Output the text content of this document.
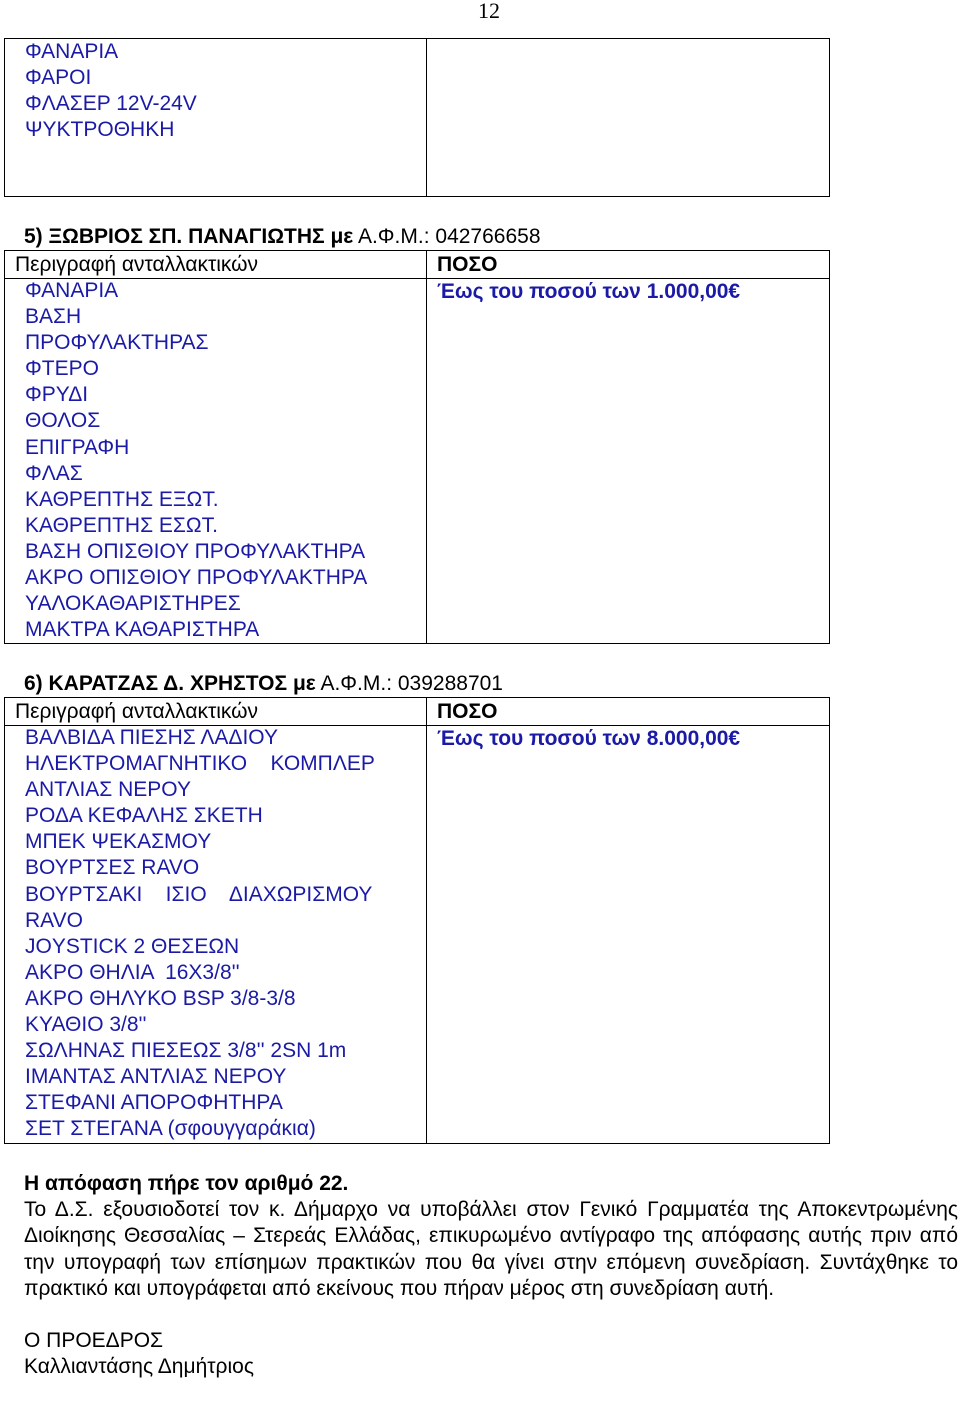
12
ΦΑΝΑΡΙΑ
ΦΑΡΟΙ
ΦΛΑΣΕΡ 12V-24V
ΨΥΚΤΡΟΘΗΚΗ
5) ΞΩΒΡΙΟΣ ΣΠ. ΠΑΝΑΓΙΩΤΗΣ με Α.Φ.Μ.: 042766658
Περιγραφή ανταλλακτικών	ΠΟΣΟ
ΦΑΝΑΡΙΑ
ΒΑΣΗ
ΠΡΟΦΥΛΑΚΤΗΡΑΣ
ΦΤΕΡΟ
ΦΡΥΔΙ
ΘΟΛΟΣ
ΕΠΙΓΡΑΦΗ
ΦΛΑΣ
ΚΑΘΡΕΠΤΗΣ ΕΞΩΤ.
ΚΑΘΡΕΠΤΗΣ ΕΣΩΤ.
ΒΑΣΗ ΟΠΙΣΘΙΟΥ ΠΡΟΦΥΛΑΚΤΗΡΑ
ΑΚΡΟ ΟΠΙΣΘΙΟΥ ΠΡΟΦΥΛΑΚΤΗΡΑ
ΥΑΛΟΚΑΘΑΡΙΣΤΗΡΕΣ
ΜΑΚΤΡΑ ΚΑΘΑΡΙΣΤΗΡΑ
Έως του ποσού των 1.000,00€
6) ΚΑΡΑΤΖΑΣ Δ. ΧΡΗΣΤΟΣ με Α.Φ.Μ.: 039288701
Περιγραφή ανταλλακτικών	ΠΟΣΟ
ΒΑΛΒΙΔΑ ΠΙΕΣΗΣ ΛΑΔΙΟΥ
ΗΛΕΚΤΡΟΜΑΓΝΗΤΙΚΟ    ΚΟΜΠΛΕΡ
ΑΝΤΛΙΑΣ ΝΕΡΟΥ
ΡΟΔΑ ΚΕΦΑΛΗΣ ΣΚΕΤΗ
ΜΠΕΚ ΨΕΚΑΣΜΟΥ
ΒΟΥΡΤΣΕΣ RAVO
ΒΟΥΡΤΣΑΚΙ    ΙΣΙΟ    ΔΙΑΧΩΡΙΣΜΟΥ
RAVO
JOYSTICK 2 ΘΕΣΕΩΝ
ΑΚΡΟ ΘΗΛΙΑ  16Χ3/8''
ΑΚΡΟ ΘΗΛΥΚΟ BSP 3/8-3/8
ΚΥΑΘΙΟ 3/8''
ΣΩΛΗΝΑΣ ΠΙΕΣΕΩΣ 3/8'' 2SN 1m
ΙΜΑΝΤΑΣ ΑΝΤΛΙΑΣ ΝΕΡΟΥ
ΣΤΕΦΑΝΙ ΑΠΟΡΟΦΗΤΗΡΑ
ΣΕΤ ΣΤΕΓΑΝΑ (σφουγγαράκια)
Έως του ποσού των 8.000,00€
Η απόφαση πήρε τον αριθμό 22.

Το Δ.Σ. εξουσιοδοτεί τον κ. Δήμαρχο να υποβάλλει στον Γενικό Γραμματέα της Αποκεντρωμένης Διοίκησης Θεσσαλίας – Στερεάς Ελλάδας, επικυρωμένο αντίγραφο της απόφασης αυτής πριν από την υπογραφή των επίσημων πρακτικών που θα γίνει στην επόμενη συνεδρίαση. Συντάχθηκε το πρακτικό και υπογράφεται από εκείνους που πήραν μέρος στη συνεδρίαση αυτή.

Ο ΠΡΟΕΔΡΟΣ
Καλλιαντάσης Δημήτριος
